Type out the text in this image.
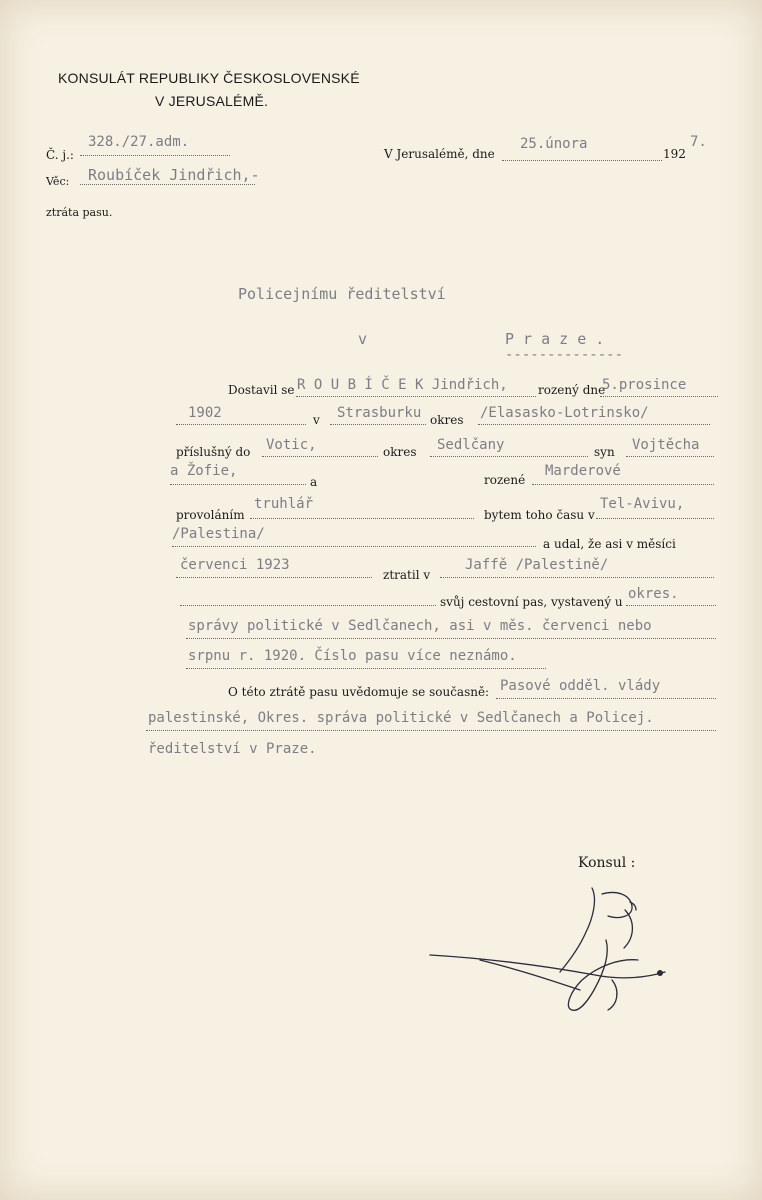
KONSULÁT REPUBLIKY ČESKOSLOVENSKÉ
V JERUSALÉMĚ.
Č. j.:
328./27.adm.
Věc: Roubíček Jindřich,-
ztráta pasu.
V Jerusalémě, dne
25.února
192
7.
Policejnímu ředitelství
v	P r a z e .
--------------
Dostavil se R O U B Í Č E K Jindřich,	rozený dne
5.prosince
1902	v Strasburku okres /Elasasko-Lotrinsko/
příslušný do Votic,	okres Sedlčany	syn Vojtěcha
a Žofie,
a	rozené
Marderové
provoláním
truhlář
bytem toho času v
Tel-Avivu,
/Palestina/
a udal, že asi v měsíci
červenci 1923
ztratil v
Jaffě /Palestině/
svůj cestovní pas, vystavený u okres.
správy politické v Sedlčanech, asi v měs. červenci nebo
srpnu r. 1920. Číslo pasu více neznámo.
O této ztrátě pasu uvědomuje se současně: Pasové odděl. vlády
palestinské, Okres. správa politické v Sedlčanech a Policej.
ředitelství v Praze.
Konsul :
